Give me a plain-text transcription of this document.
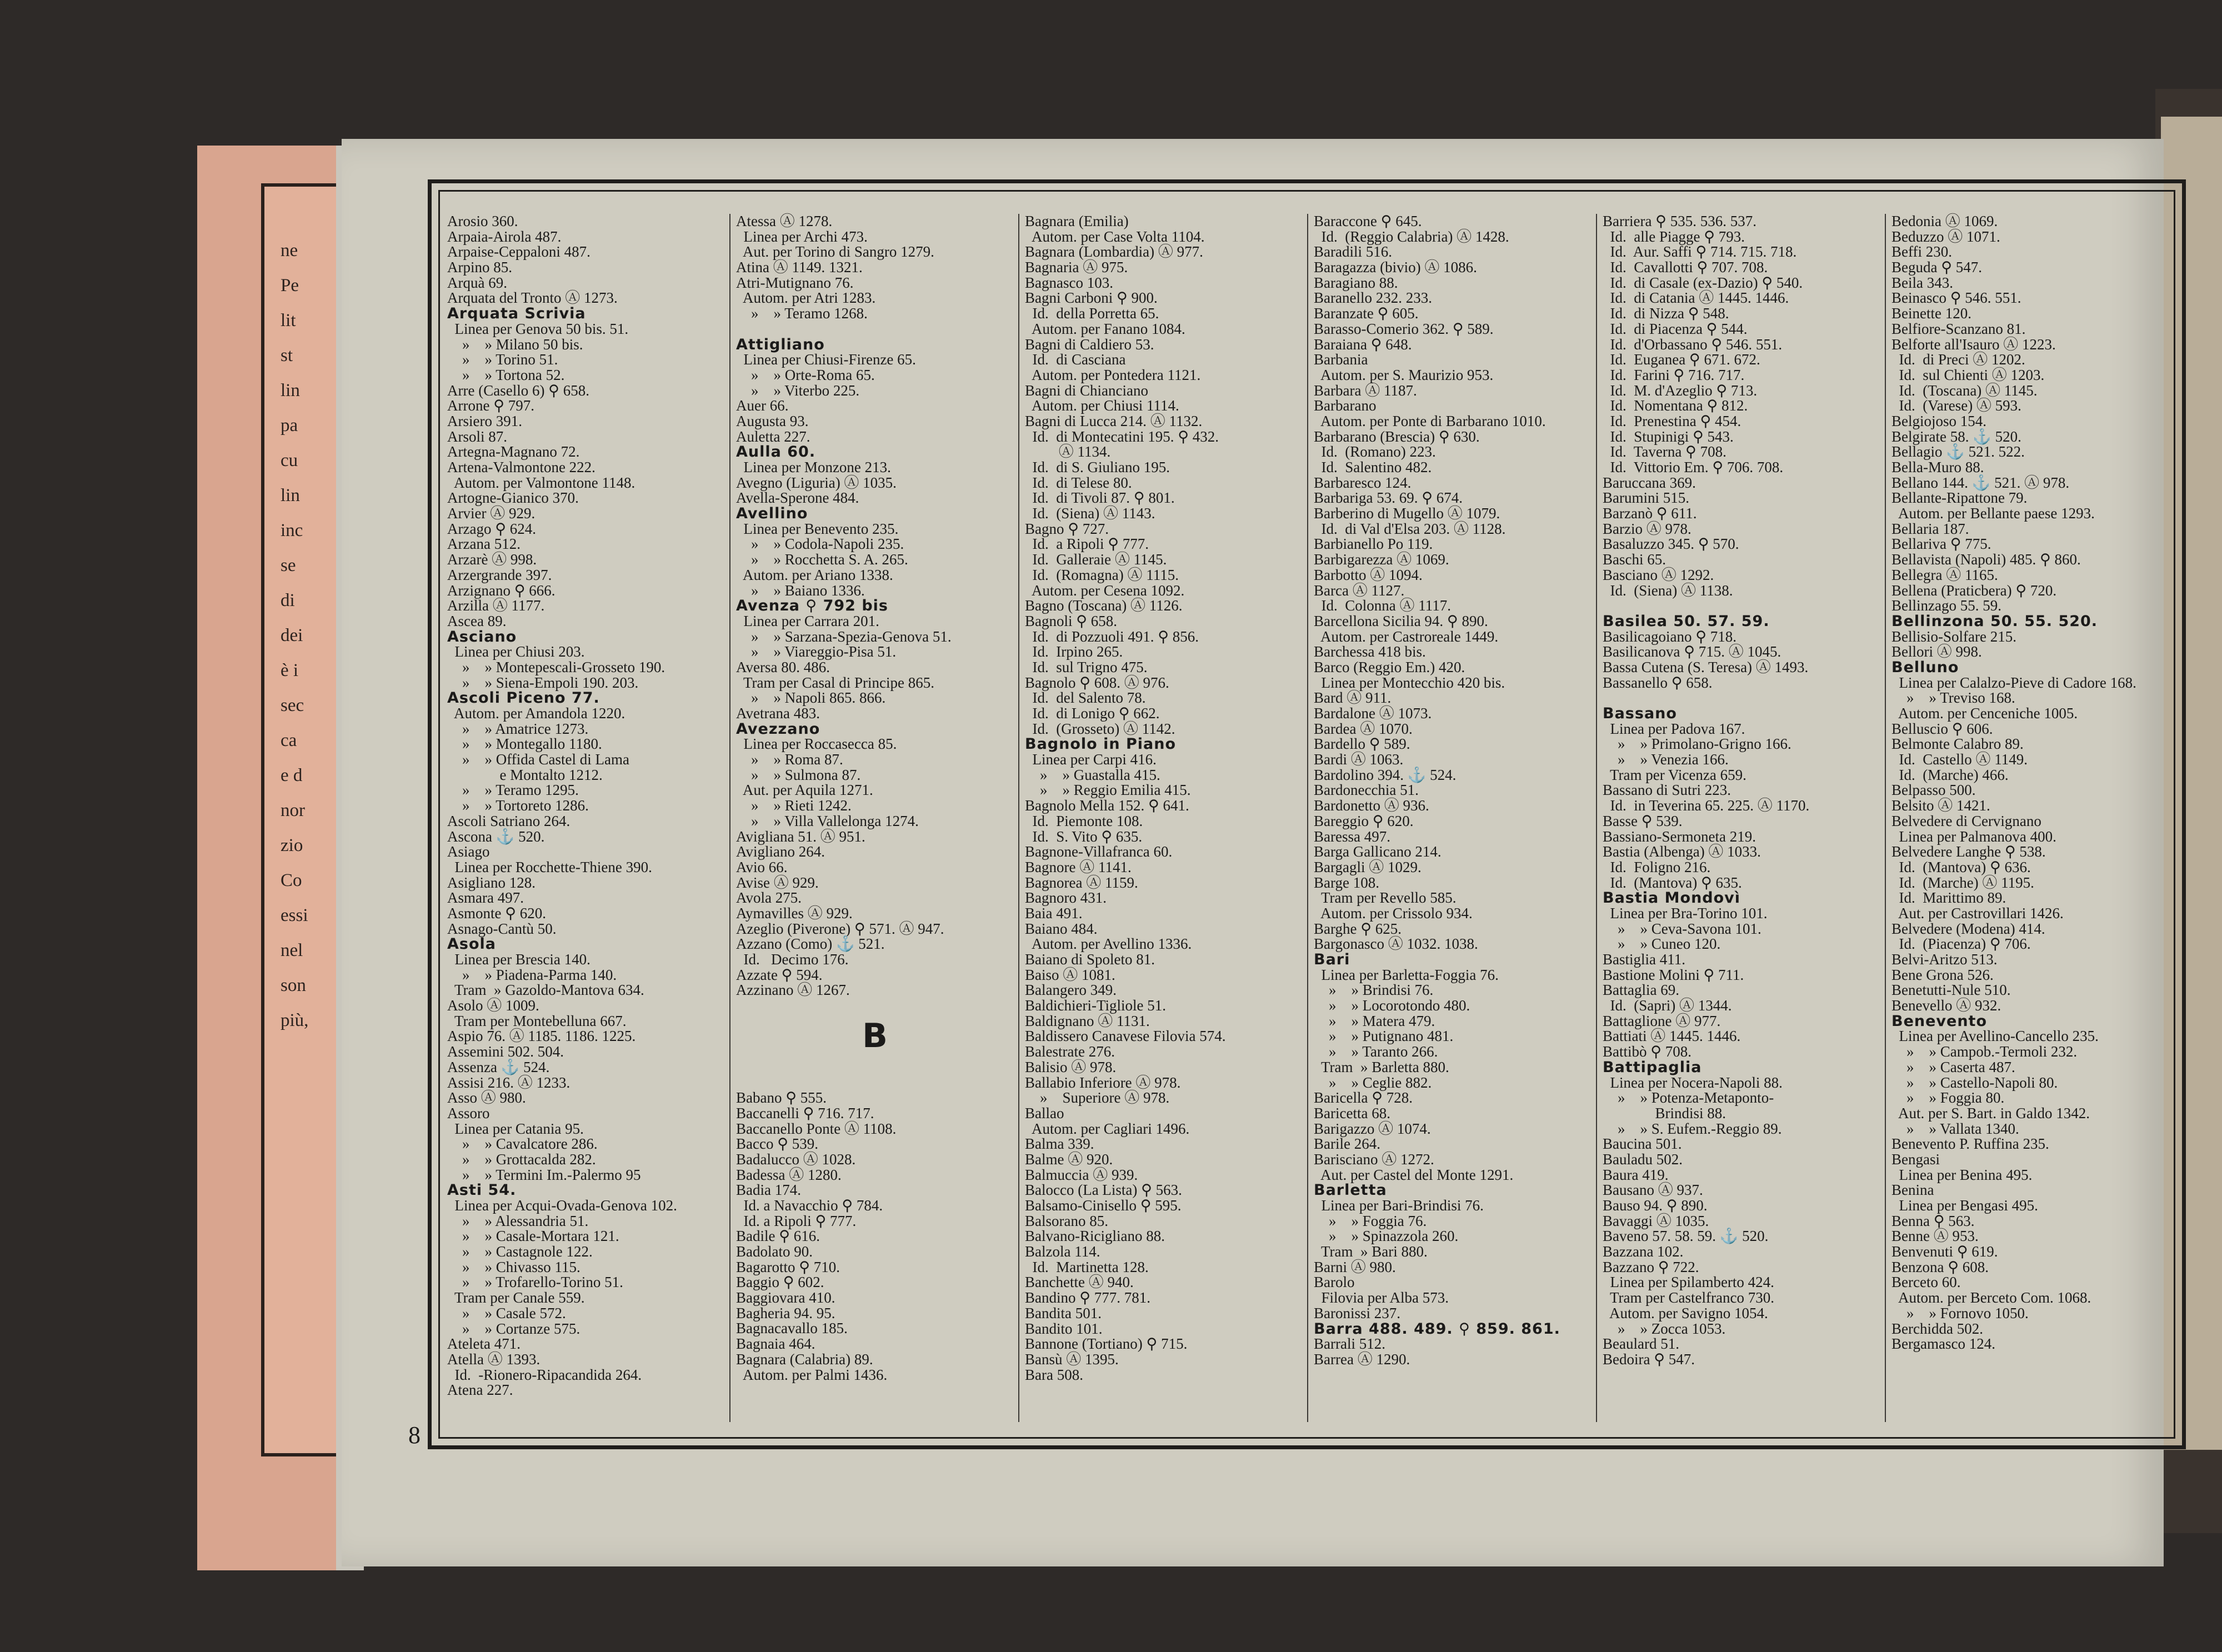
ne
Pe
lit
st
lin
pa
cu
lin
inc
se
di
dei
è i
sec
ca
e d
nor
zio
Co
essi
nel
son
più,
8
Arosio 360.
Arpaia-Airola 487.
Arpaise-Ceppaloni 487.
Arpino 85.
Arquà 69.
Arquata del Tronto Ⓐ 1273.
Arquata Scrivia
Linea per Genova 50 bis. 51.
»    » Milano 50 bis.
»    » Torino 51.
»    » Tortona 52.
Arre (Casello 6) ⚲ 658.
Arrone ⚲ 797.
Arsiero 391.
Arsoli 87.
Artegna-Magnano 72.
Artena-Valmontone 222.
Autom. per Valmontone 1148.
Artogne-Gianico 370.
Arvier Ⓐ 929.
Arzago ⚲ 624.
Arzana 512.
Arzarè Ⓐ 998.
Arzergrande 397.
Arzignano ⚲ 666.
Arzilla Ⓐ 1177.
Ascea 89.
Asciano
Linea per Chiusi 203.
»    » Montepescali-Grosseto 190.
»    » Siena-Empoli 190. 203.
Ascoli Piceno 77.
Autom. per Amandola 1220.
»    » Amatrice 1273.
»    » Montegallo 1180.
»    » Offida Castel di Lama
e Montalto 1212.
»    » Teramo 1295.
»    » Tortoreto 1286.
Ascoli Satriano 264.
Ascona ⚓ 520.
Asiago
Linea per Rocchette-Thiene 390.
Asigliano 128.
Asmara 497.
Asmonte ⚲ 620.
Asnago-Cantù 50.
Asola
Linea per Brescia 140.
»    » Piadena-Parma 140.
Tram  » Gazoldo-Mantova 634.
Asolo Ⓐ 1009.
Tram per Montebelluna 667.
Aspio 76. Ⓐ 1185. 1186. 1225.
Assemini 502. 504.
Assenza ⚓ 524.
Assisi 216. Ⓐ 1233.
Asso Ⓐ 980.
Assoro
Linea per Catania 95.
»    » Cavalcatore 286.
»    » Grottacalda 282.
»    » Termini Im.-Palermo 95
Asti 54.
Linea per Acqui-Ovada-Genova 102.
»    » Alessandria 51.
»    » Casale-Mortara 121.
»    » Castagnole 122.
»    » Chivasso 115.
»    » Trofarello-Torino 51.
Tram per Canale 559.
»    » Casale 572.
»    » Cortanze 575.
Ateleta 471.
Atella Ⓐ 1393.
Id.  -Rionero-Ripacandida 264.
Atena 227.
Atessa Ⓐ 1278.
Linea per Archi 473.
Aut. per Torino di Sangro 1279.
Atina Ⓐ 1149. 1321.
Atri-Mutignano 76.
Autom. per Atri 1283.
»    » Teramo 1268.
Attigliano
Linea per Chiusi-Firenze 65.
»    » Orte-Roma 65.
»    » Viterbo 225.
Auer 66.
Augusta 93.
Auletta 227.
Aulla 60.
Linea per Monzone 213.
Avegno (Liguria) Ⓐ 1035.
Avella-Sperone 484.
Avellino
Linea per Benevento 235.
»    » Codola-Napoli 235.
»    » Rocchetta S. A. 265.
Autom. per Ariano 1338.
»    » Baiano 1336.
Avenza ⚲ 792 bis
Linea per Carrara 201.
»    » Sarzana-Spezia-Genova 51.
»    » Viareggio-Pisa 51.
Aversa 80. 486.
Tram per Casal di Principe 865.
»    » Napoli 865. 866.
Avetrana 483.
Avezzano
Linea per Roccasecca 85.
»    » Roma 87.
»    » Sulmona 87.
Aut. per Aquila 1271.
»    » Rieti 1242.
»    » Villa Vallelonga 1274.
Avigliana 51. Ⓐ 951.
Avigliano 264.
Avio 66.
Avise Ⓐ 929.
Avola 275.
Aymavilles Ⓐ 929.
Azeglio (Piverone) ⚲ 571. Ⓐ 947.
Azzano (Como) ⚓ 521.
Id.   Decimo 176.
Azzate ⚲ 594.
Azzinano Ⓐ 1267.
B
Babano ⚲ 555.
Baccanelli ⚲ 716. 717.
Baccanello Ponte Ⓐ 1108.
Bacco ⚲ 539.
Badalucco Ⓐ 1028.
Badessa Ⓐ 1280.
Badia 174.
Id. a Navacchio ⚲ 784.
Id. a Ripoli ⚲ 777.
Badile ⚲ 616.
Badolato 90.
Bagarotto ⚲ 710.
Baggio ⚲ 602.
Baggiovara 410.
Bagheria 94. 95.
Bagnacavallo 185.
Bagnaia 464.
Bagnara (Calabria) 89.
Autom. per Palmi 1436.
Bagnara (Emilia)
Autom. per Case Volta 1104.
Bagnara (Lombardia) Ⓐ 977.
Bagnaria Ⓐ 975.
Bagnasco 103.
Bagni Carboni ⚲ 900.
Id.  della Porretta 65.
Autom. per Fanano 1084.
Bagni di Caldiero 53.
Id.  di Casciana
Autom. per Pontedera 1121.
Bagni di Chianciano
Autom. per Chiusi 1114.
Bagni di Lucca 214. Ⓐ 1132.
Id.  di Montecatini 195. ⚲ 432.
Ⓐ 1134.
Id.  di S. Giuliano 195.
Id.  di Telese 80.
Id.  di Tivoli 87. ⚲ 801.
Id.  (Siena) Ⓐ 1143.
Bagno ⚲ 727.
Id.  a Ripoli ⚲ 777.
Id.  Galleraie Ⓐ 1145.
Id.  (Romagna) Ⓐ 1115.
Autom. per Cesena 1092.
Bagno (Toscana) Ⓐ 1126.
Bagnoli ⚲ 658.
Id.  di Pozzuoli 491. ⚲ 856.
Id.  Irpino 265.
Id.  sul Trigno 475.
Bagnolo ⚲ 608. Ⓐ 976.
Id.  del Salento 78.
Id.  di Lonigo ⚲ 662.
Id.  (Grosseto) Ⓐ 1142.
Bagnolo in Piano
Linea per Carpi 416.
»    » Guastalla 415.
»    » Reggio Emilia 415.
Bagnolo Mella 152. ⚲ 641.
Id.  Piemonte 108.
Id.  S. Vito ⚲ 635.
Bagnone-Villafranca 60.
Bagnore Ⓐ 1141.
Bagnorea Ⓐ 1159.
Bagnoro 431.
Baia 491.
Baiano 484.
Autom. per Avellino 1336.
Baiano di Spoleto 81.
Baiso Ⓐ 1081.
Balangero 349.
Baldichieri-Tigliole 51.
Baldignano Ⓐ 1131.
Baldissero Canavese Filovia 574.
Balestrate 276.
Balisio Ⓐ 978.
Ballabio Inferiore Ⓐ 978.
»    Superiore Ⓐ 978.
Ballao
Autom. per Cagliari 1496.
Balma 339.
Balme Ⓐ 920.
Balmuccia Ⓐ 939.
Balocco (La Lista) ⚲ 563.
Balsamo-Cinisello ⚲ 595.
Balsorano 85.
Balvano-Ricigliano 88.
Balzola 114.
Id.  Martinetta 128.
Banchette Ⓐ 940.
Bandino ⚲ 777. 781.
Bandita 501.
Bandito 101.
Bannone (Tortiano) ⚲ 715.
Bansù Ⓐ 1395.
Bara 508.
Baraccone ⚲ 645.
Id.  (Reggio Calabria) Ⓐ 1428.
Baradili 516.
Baragazza (bivio) Ⓐ 1086.
Baragiano 88.
Baranello 232. 233.
Baranzate ⚲ 605.
Barasso-Comerio 362. ⚲ 589.
Baraiana ⚲ 648.
Barbania
Autom. per S. Maurizio 953.
Barbara Ⓐ 1187.
Barbarano
Autom. per Ponte di Barbarano 1010.
Barbarano (Brescia) ⚲ 630.
Id.  (Romano) 223.
Id.  Salentino 482.
Barbaresco 124.
Barbariga 53. 69. ⚲ 674.
Barberino di Mugello Ⓐ 1079.
Id.  di Val d'Elsa 203. Ⓐ 1128.
Barbianello Po 119.
Barbigarezza Ⓐ 1069.
Barbotto Ⓐ 1094.
Barca Ⓐ 1127.
Id.  Colonna Ⓐ 1117.
Barcellona Sicilia 94. ⚲ 890.
Autom. per Castroreale 1449.
Barchessa 418 bis.
Barco (Reggio Em.) 420.
Linea per Montecchio 420 bis.
Bard Ⓐ 911.
Bardalone Ⓐ 1073.
Bardea Ⓐ 1070.
Bardello ⚲ 589.
Bardi Ⓐ 1063.
Bardolino 394. ⚓ 524.
Bardonecchia 51.
Bardonetto Ⓐ 936.
Bareggio ⚲ 620.
Baressa 497.
Barga Gallicano 214.
Bargagli Ⓐ 1029.
Barge 108.
Tram per Revello 585.
Autom. per Crissolo 934.
Barghe ⚲ 625.
Bargonasco Ⓐ 1032. 1038.
Bari
Linea per Barletta-Foggia 76.
»    » Brindisi 76.
»    » Locorotondo 480.
»    » Matera 479.
»    » Putignano 481.
»    » Taranto 266.
Tram  » Barletta 880.
»    » Ceglie 882.
Baricella ⚲ 728.
Baricetta 68.
Barigazzo Ⓐ 1074.
Barile 264.
Barisciano Ⓐ 1272.
Aut. per Castel del Monte 1291.
Barletta
Linea per Bari-Brindisi 76.
»    » Foggia 76.
»    » Spinazzola 260.
Tram  » Bari 880.
Barni Ⓐ 980.
Barolo
Filovia per Alba 573.
Baronissi 237.
Barra 488. 489. ⚲ 859. 861.
Barrali 512.
Barrea Ⓐ 1290.
Barriera ⚲ 535. 536. 537.
Id.  alle Piagge ⚲ 793.
Id.  Aur. Saffi ⚲ 714. 715. 718.
Id.  Cavallotti ⚲ 707. 708.
Id.  di Casale (ex-Dazio) ⚲ 540.
Id.  di Catania Ⓐ 1445. 1446.
Id.  di Nizza ⚲ 548.
Id.  di Piacenza ⚲ 544.
Id.  d'Orbassano ⚲ 546. 551.
Id.  Euganea ⚲ 671. 672.
Id.  Farini ⚲ 716. 717.
Id.  M. d'Azeglio ⚲ 713.
Id.  Nomentana ⚲ 812.
Id.  Prenestina ⚲ 454.
Id.  Stupinigi ⚲ 543.
Id.  Taverna ⚲ 708.
Id.  Vittorio Em. ⚲ 706. 708.
Baruccana 369.
Barumini 515.
Barzanò ⚲ 611.
Barzio Ⓐ 978.
Basaluzzo 345. ⚲ 570.
Baschi 65.
Basciano Ⓐ 1292.
Id.  (Siena) Ⓐ 1138.
Basilea 50. 57. 59.
Basilicagoiano ⚲ 718.
Basilicanova ⚲ 715. Ⓐ 1045.
Bassa Cutena (S. Teresa) Ⓐ 1493.
Bassanello ⚲ 658.
Bassano
Linea per Padova 167.
»    » Primolano-Grigno 166.
»    » Venezia 166.
Tram per Vicenza 659.
Bassano di Sutri 223.
Id.  in Teverina 65. 225. Ⓐ 1170.
Basse ⚲ 539.
Bassiano-Sermoneta 219.
Bastia (Albenga) Ⓐ 1033.
Id.  Foligno 216.
Id.  (Mantova) ⚲ 635.
Bastia Mondovì
Linea per Bra-Torino 101.
»    » Ceva-Savona 101.
»    » Cuneo 120.
Bastiglia 411.
Bastione Molini ⚲ 711.
Battaglia 69.
Id.  (Sapri) Ⓐ 1344.
Battaglione Ⓐ 977.
Battiati Ⓐ 1445. 1446.
Battibò ⚲ 708.
Battipaglia
Linea per Nocera-Napoli 88.
»    » Potenza-Metaponto-
Brindisi 88.
»    » S. Eufem.-Reggio 89.
Baucina 501.
Bauladu 502.
Baura 419.
Bausano Ⓐ 937.
Bauso 94. ⚲ 890.
Bavaggi Ⓐ 1035.
Baveno 57. 58. 59. ⚓ 520.
Bazzana 102.
Bazzano ⚲ 722.
Linea per Spilamberto 424.
Tram per Castelfranco 730.
Autom. per Savigno 1054.
»    » Zocca 1053.
Beaulard 51.
Bedoira ⚲ 547.
Bedonia Ⓐ 1069.
Beduzzo Ⓐ 1071.
Beffi 230.
Beguda ⚲ 547.
Beila 343.
Beinasco ⚲ 546. 551.
Beinette 120.
Belfiore-Scanzano 81.
Belforte all'Isauro Ⓐ 1223.
Id.  di Preci Ⓐ 1202.
Id.  sul Chienti Ⓐ 1203.
Id.  (Toscana) Ⓐ 1145.
Id.  (Varese) Ⓐ 593.
Belgiojoso 154.
Belgirate 58. ⚓ 520.
Bellagio ⚓ 521. 522.
Bella-Muro 88.
Bellano 144. ⚓ 521. Ⓐ 978.
Bellante-Ripattone 79.
Autom. per Bellante paese 1293.
Bellaria 187.
Bellariva ⚲ 775.
Bellavista (Napoli) 485. ⚲ 860.
Bellegra Ⓐ 1165.
Bellena (Praticbera) ⚲ 720.
Bellinzago 55. 59.
Bellinzona 50. 55. 520.
Bellisio-Solfare 215.
Bellori Ⓐ 998.
Belluno
Linea per Calalzo-Pieve di Cadore 168.
»    » Treviso 168.
Autom. per Cenceniche 1005.
Belluscio ⚲ 606.
Belmonte Calabro 89.
Id.  Castello Ⓐ 1149.
Id.  (Marche) 466.
Belpasso 500.
Belsito Ⓐ 1421.
Belvedere di Cervignano
Linea per Palmanova 400.
Belvedere Langhe ⚲ 538.
Id.  (Mantova) ⚲ 636.
Id.  (Marche) Ⓐ 1195.
Id.  Marittimo 89.
Aut. per Castrovillari 1426.
Belvedere (Modena) 414.
Id.  (Piacenza) ⚲ 706.
Belvi-Aritzo 513.
Bene Grona 526.
Benetutti-Nule 510.
Benevello Ⓐ 932.
Benevento
Linea per Avellino-Cancello 235.
»    » Campob.-Termoli 232.
»    » Caserta 487.
»    » Castello-Napoli 80.
»    » Foggia 80.
Aut. per S. Bart. in Galdo 1342.
»    » Vallata 1340.
Benevento P. Ruffina 235.
Bengasi
Linea per Benina 495.
Benina
Linea per Bengasi 495.
Benna ⚲ 563.
Benne Ⓐ 953.
Benvenuti ⚲ 619.
Benzona ⚲ 608.
Berceto 60.
Autom. per Berceto Com. 1068.
»    » Fornovo 1050.
Berchidda 502.
Bergamasco 124.
